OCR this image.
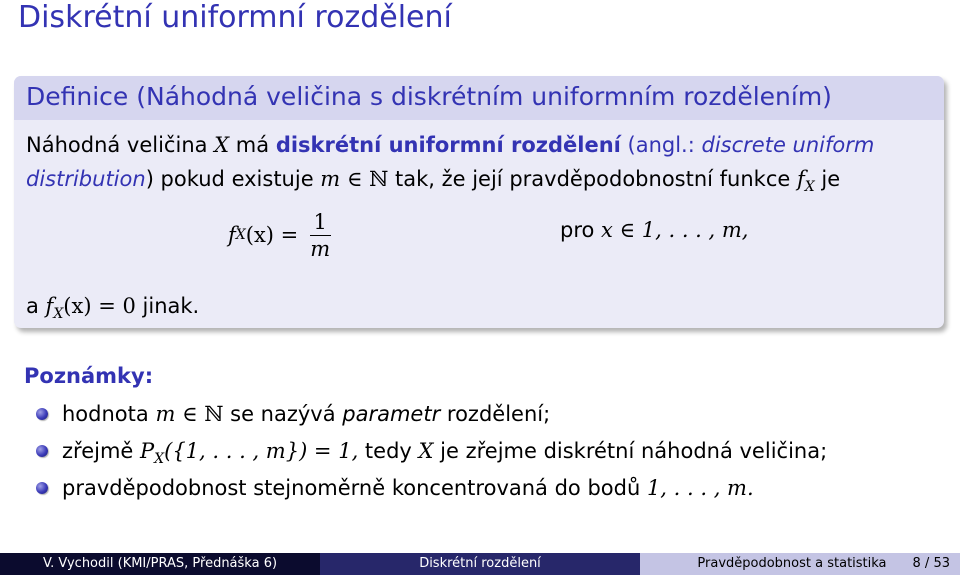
Diskrétní uniformní rozdělení
Definice (Náhodná veličina s diskrétním uniformním rozdělením)
Náhodná veličina X má diskrétní uniformní rozdělení (angl.: discrete uniform
distribution) pokud existuje m ∈ ℕ tak, že její pravděpodobnostní funkce $f_X$ je
f X $(x) = \frac{1}{m}$	pro x ∈ 1, . . . , m,
a $f_X(x) = 0$ jinak.
Poznámky:
hodnota m ∈ ℕ se nazývá parametr rozdělení;
zřejmě $P_X(\{1$, . . . , m}) = 1, tedy X je zřejme diskrétní náhodná veličina;
pravděpodobnost stejnoměrně koncentrovaná do bodů 1, . . . , m.
V. Vychodil (KMI/PRAS, Přednáška 6)	Diskrétní rozdělení	Pravděpodobnost a statistika 8 / 53
